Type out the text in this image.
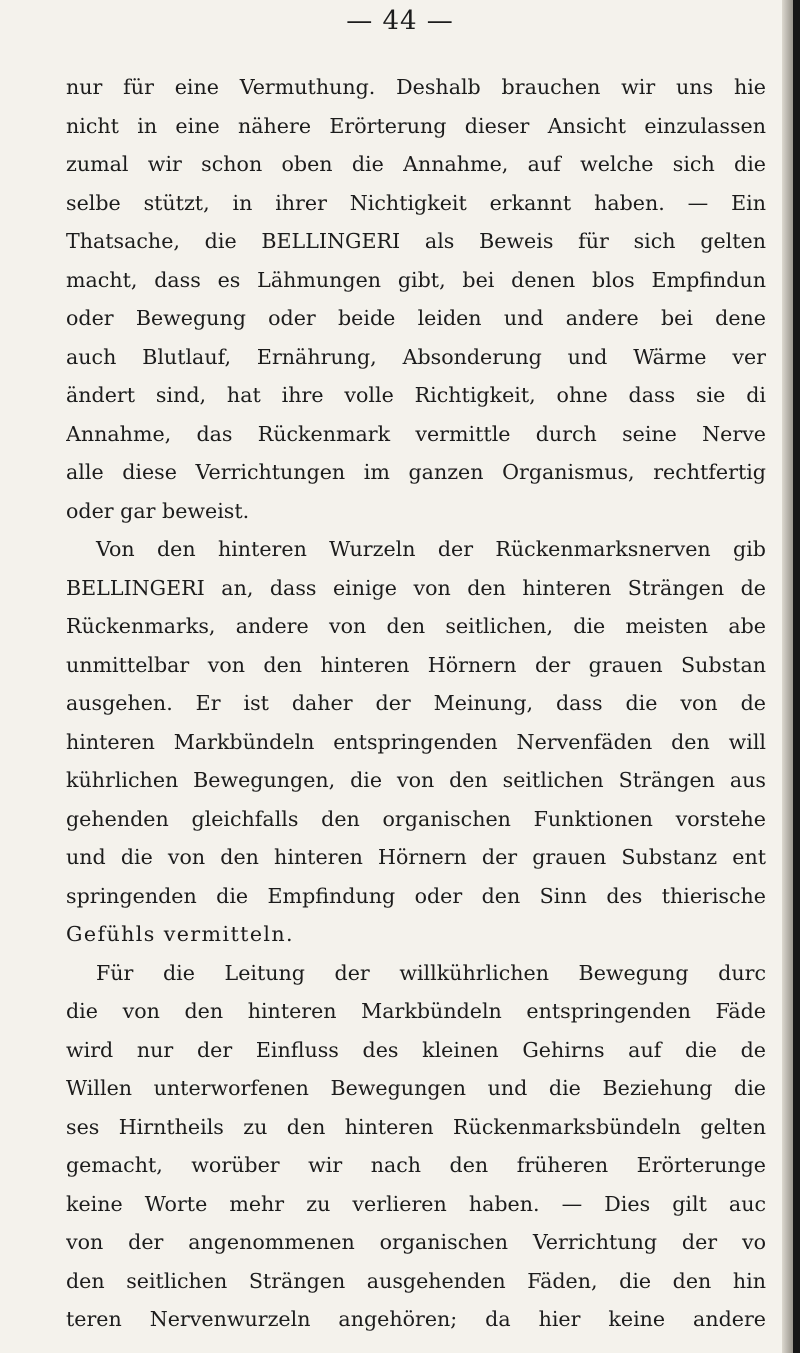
— 44 —
nur für eine Vermuthung. Deshalb brauchen wir uns hie
nicht in eine nähere Erörterung dieser Ansicht einzulassen
zumal wir schon oben die Annahme, auf welche sich die
selbe stützt, in ihrer Nichtigkeit erkannt haben. — Ein
Thatsache, die BELLINGERI als Beweis für sich gelten
macht, dass es Lähmungen gibt, bei denen blos Empfindun
oder Bewegung oder beide leiden und andere bei dene
auch Blutlauf, Ernährung, Absonderung und Wärme ver
ändert sind, hat ihre volle Richtigkeit, ohne dass sie di
Annahme, das Rückenmark vermittle durch seine Nerve
alle diese Verrichtungen im ganzen Organismus, rechtfertig
oder gar beweist.
Von den hinteren Wurzeln der Rückenmarksnerven gib
BELLINGERI an, dass einige von den hinteren Strängen de
Rückenmarks, andere von den seitlichen, die meisten abe
unmittelbar von den hinteren Hörnern der grauen Substan
ausgehen. Er ist daher der Meinung, dass die von de
hinteren Markbündeln entspringenden Nervenfäden den will
kührlichen Bewegungen, die von den seitlichen Strängen aus
gehenden gleichfalls den organischen Funktionen vorstehe
und die von den hinteren Hörnern der grauen Substanz ent
springenden die Empfindung oder den Sinn des thierische
Gefühls vermitteln.
Für die Leitung der willkührlichen Bewegung durc
die von den hinteren Markbündeln entspringenden Fäde
wird nur der Einfluss des kleinen Gehirns auf die de
Willen unterworfenen Bewegungen und die Beziehung die
ses Hirntheils zu den hinteren Rückenmarksbündeln gelten
gemacht, worüber wir nach den früheren Erörterunge
keine Worte mehr zu verlieren haben. — Dies gilt auc
von der angenommenen organischen Verrichtung der vo
den seitlichen Strängen ausgehenden Fäden, die den hin
teren Nervenwurzeln angehören; da hier keine andere
